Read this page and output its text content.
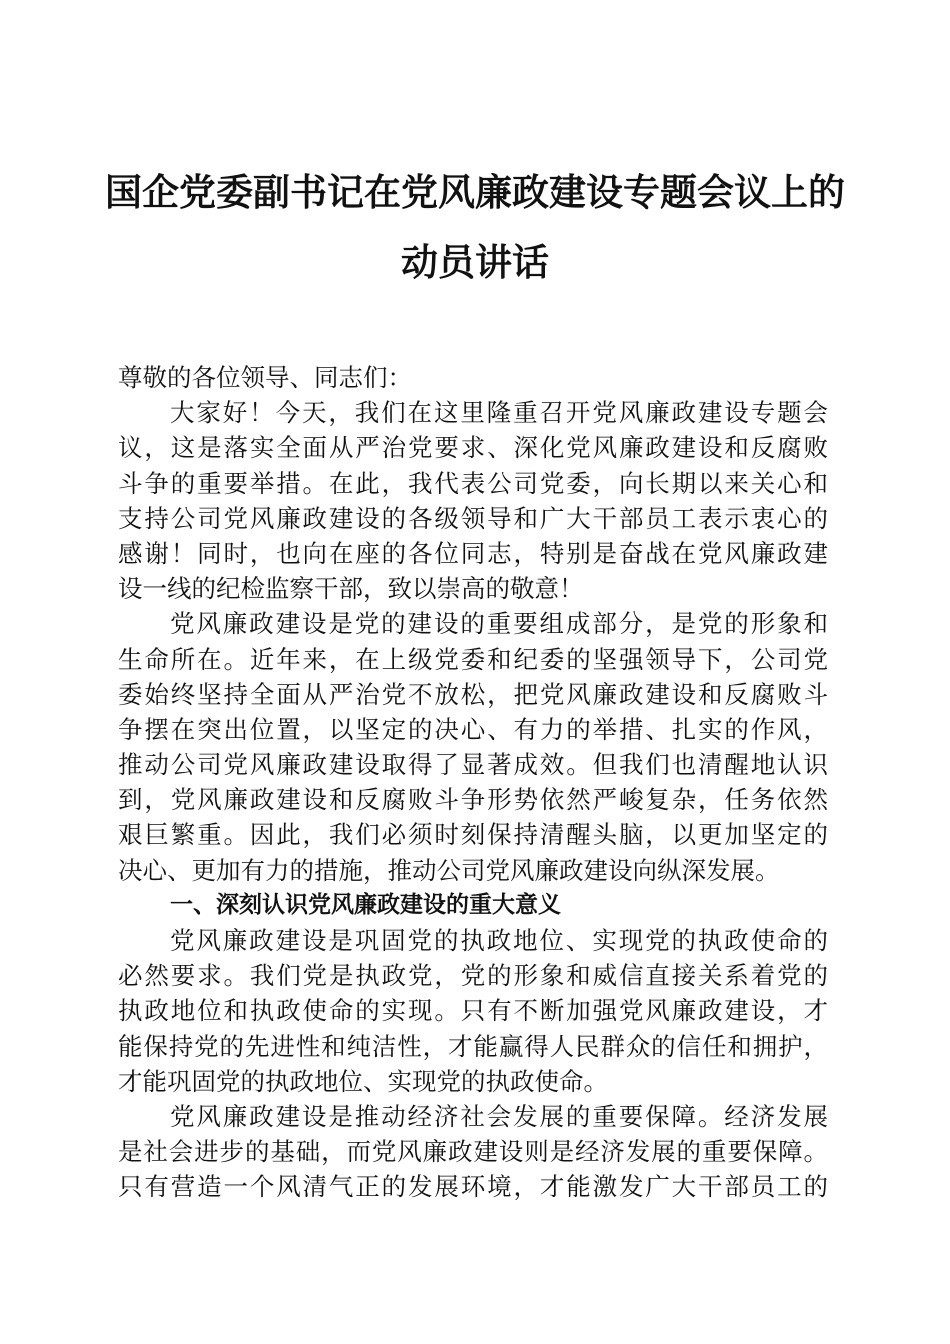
国企党委副书记在党风廉政建设专题会议上的
动员讲话
尊敬的各位领导、同志们：
大家好！今天，我们在这里隆重召开党风廉政建设专题会
议，这是落实全面从严治党要求、深化党风廉政建设和反腐败
斗争的重要举措。在此，我代表公司党委，向长期以来关心和
支持公司党风廉政建设的各级领导和广大干部员工表示衷心的
感谢！同时，也向在座的各位同志，特别是奋战在党风廉政建
设一线的纪检监察干部，致以崇高的敬意！
党风廉政建设是党的建设的重要组成部分，是党的形象和
生命所在。近年来，在上级党委和纪委的坚强领导下，公司党
委始终坚持全面从严治党不放松，把党风廉政建设和反腐败斗
争摆在突出位置，以坚定的决心、有力的举措、扎实的作风，
推动公司党风廉政建设取得了显著成效。但我们也清醒地认识
到，党风廉政建设和反腐败斗争形势依然严峻复杂，任务依然
艰巨繁重。因此，我们必须时刻保持清醒头脑，以更加坚定的
决心、更加有力的措施，推动公司党风廉政建设向纵深发展。
一、深刻认识党风廉政建设的重大意义
党风廉政建设是巩固党的执政地位、实现党的执政使命的
必然要求。我们党是执政党，党的形象和威信直接关系着党的
执政地位和执政使命的实现。只有不断加强党风廉政建设，才
能保持党的先进性和纯洁性，才能赢得人民群众的信任和拥护，
才能巩固党的执政地位、实现党的执政使命。
党风廉政建设是推动经济社会发展的重要保障。经济发展
是社会进步的基础，而党风廉政建设则是经济发展的重要保障。
只有营造一个风清气正的发展环境，才能激发广大干部员工的
